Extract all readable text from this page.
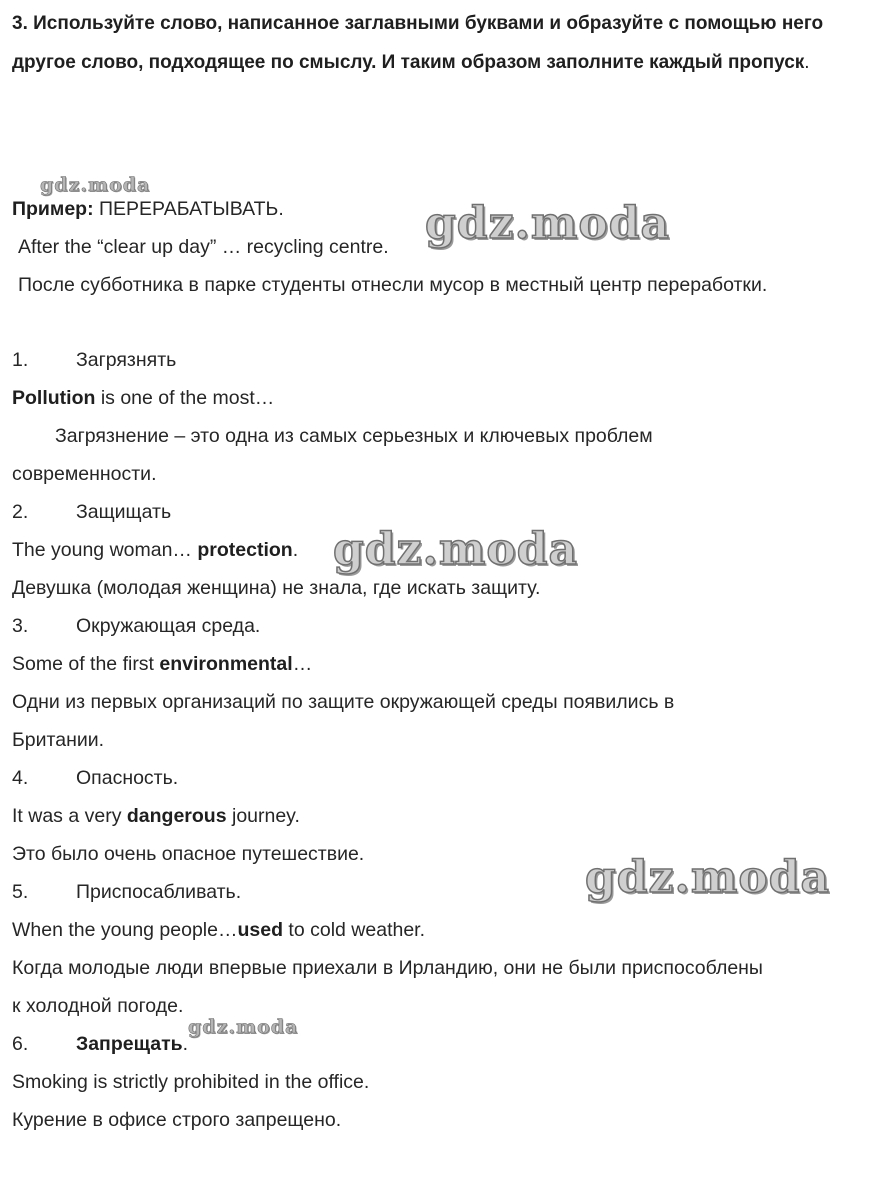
3. Используйте слово, написанное заглавными буквами и образуйте с помощью него другое слово, подходящее по смыслу. И таким образом заполните каждый пропуск.
Пример: ПЕРЕРАБАТЫВАТЬ.
After the “clear up day” … recycling centre.
После субботника в парке студенты отнесли мусор в местный центр переработки.
1. Загрязнять
Pollution is one of the most…
Загрязнение – это одна из самых серьезных и ключевых проблем
современности.
2. Защищать
The young woman… protection.
Девушка (молодая женщина) не знала, где искать защиту.
3. Окружающая среда.
Some of the first environmental…
Одни из первых организаций по защите окружающей среды появились в
Британии.
4. Опасность.
It was a very dangerous journey.
Это было очень опасное путешествие.
5. Приспосабливать.
When the young people…used to cold weather.
Когда молодые люди впервые приехали в Ирландию, они не были приспособлены
к холодной погоде.
6. Запрещать.
Smoking is strictly prohibited in the office.
Курение в офисе строго запрещено.
gdz.moda
gdz.moda
gdz.moda
gdz.moda
gdz.moda
